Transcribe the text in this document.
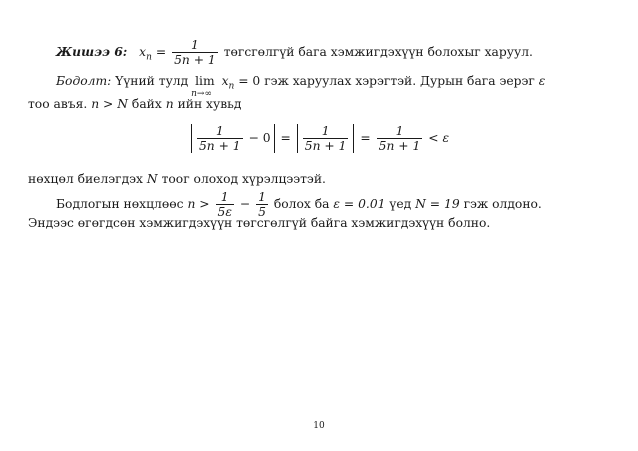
Жишээ 6: $x_n = \frac{1}{5n + 1}$ төгсгөлгүй бага хэмжигдэхүүн болохыг харуул.
Бодолт: Үүний тулд lim
n→∞
$x_n = 0$ гэж харуулах хэрэгтэй. Дурын бага эерэг ε
тоо авъя. n > N байх n ийн хувьд
$\frac{1}{5n + 1} - 0 = \frac{1}{5n + 1} = \frac{1}{5n + 1} < \varepsilon$
нөхцөл биелэгдэх N тоог олоход хүрэлцээтэй.
Бодлогын нөхцлөөс $n > \frac{1}{5\varepsilon} - \frac{1}{5}$ болох ба ε = 0.01 үед N = 19 гэж олдоно.
Эндээс өгөгдсөн хэмжигдэхүүн төгсгөлгүй байга хэмжигдэхүүн болно.
10
